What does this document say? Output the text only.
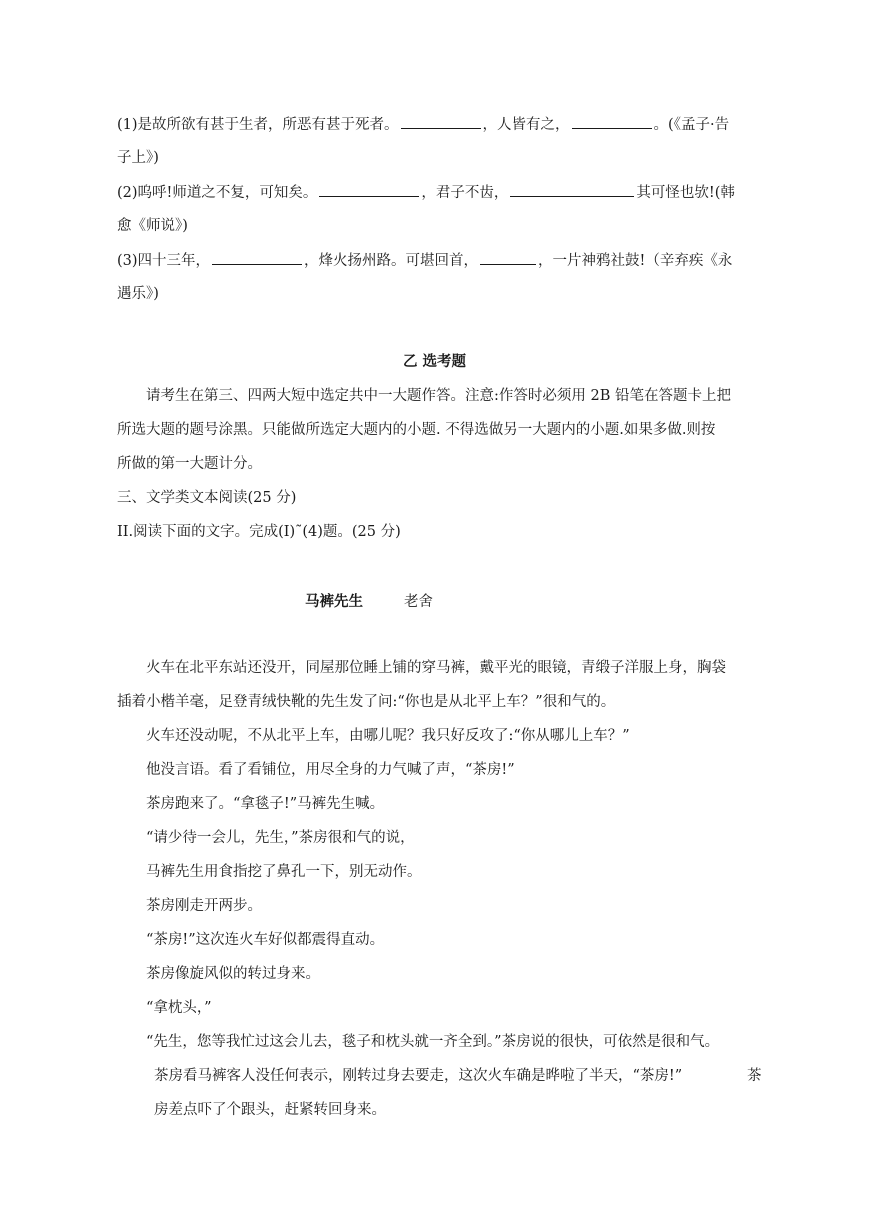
(1)是故所欲有甚于生者，所恶有甚于死者。	，人皆有之，	。(《孟子·告
子上》)
(2)呜呼!师道之不复，可知矣。	，君子不齿，	其可怪也欤!(韩
愈《师说》)
(3)四十三年，	，烽火扬州路。可堪回首，	，一片神鸦社鼓!（辛弃疾《永
遇乐》)
乙 选考题
请考生在第三、四两大短中选定共中一大题作答。注意:作答时必须用 2B 铅笔在答题卡上把
所选大题的题号涂黑。只能做所选定大题内的小题. 不得选做另一大题内的小题.如果多做.则按
所做的第一大题计分。
三、文学类文本阅读(25 分)
II.阅读下面的文字。完成(I)˜(4)题。(25 分)
马裤先生	老舍
火车在北平东站还没开，同屋那位睡上铺的穿马裤，戴平光的眼镜，青缎子洋服上身，胸袋
插着小楷羊毫，足登青绒快靴的先生发了问:“你也是从北平上车？”很和气的。
火车还没动呢，不从北平上车，由哪儿呢？我只好反攻了:“你从哪儿上车？”
他没言语。看了看铺位，用尽全身的力气喊了声，“茶房!”
茶房跑来了。“拿毯子!”马裤先生喊。
“请少待一会儿，先生，”茶房很和气的说，
马裤先生用食指挖了鼻孔一下，别无动作。
茶房刚走开两步。
“茶房!”这次连火车好似都震得直动。
茶房像旋风似的转过身来。
“拿枕头，”
“先生，您等我忙过这会儿去，毯子和枕头就一齐全到。”茶房说的很快，可依然是很和气。
茶房看马裤客人没任何表示，刚转过身去要走，这次火车确是晔啦了半天，“茶房!”	茶
房差点吓了个跟头，赶紧转回身来。
